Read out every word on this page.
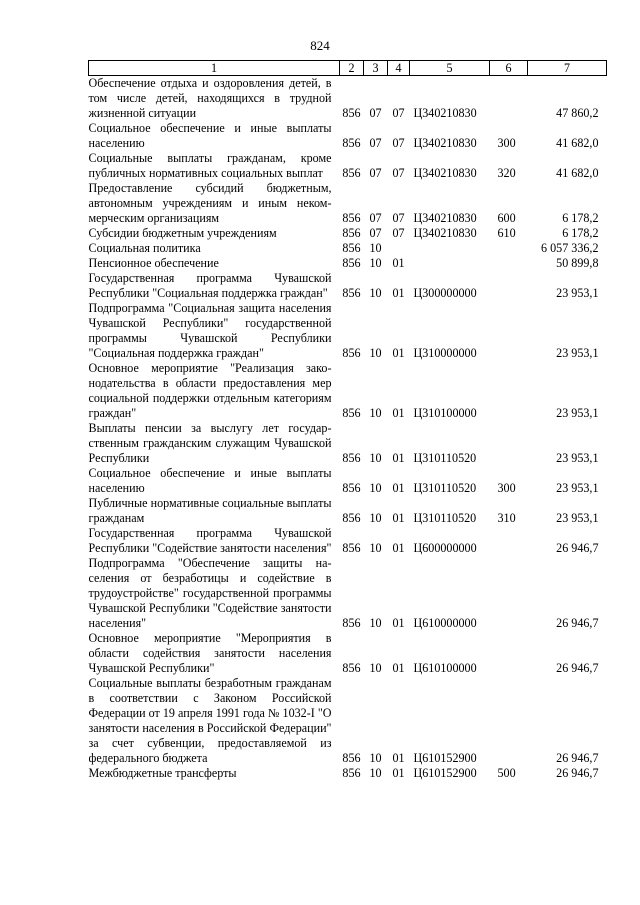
824
1	2	3	4	5	6	7
Обеспечение отдыха и оздоровления детей, в том числе детей, находящихся в трудной жизненной ситуации	856	07	07	Ц340210830		47 860,2
Социальное обеспечение и иные выплаты населению	856	07	07	Ц340210830	300	41 682,0
Социальные выплаты гражданам, кроме публичных нормативных социальных выплат	856	07	07	Ц340210830	320	41 682,0
Предоставление субсидий бюджетным, автономным учреждениям и иным некоммерческим организациям	856	07	07	Ц340210830	600	6 178,2
Субсидии бюджетным учреждениям	856	07	07	Ц340210830	610	6 178,2
Социальная политика	856	10				6 057 336,2
Пенсионное обеспечение	856	10	01			50 899,8
Государственная программа Чувашской Республики "Социальная поддержка граждан"	856	10	01	Ц300000000		23 953,1
Подпрограмма "Социальная защита населения Чувашской Республики" государственной программы Чувашской Республики "Социальная поддержка граждан"	856	10	01	Ц310000000		23 953,1
Основное мероприятие "Реализация законодательства в области предоставления мер социальной поддержки отдельным категориям граждан"	856	10	01	Ц310100000		23 953,1
Выплаты пенсии за выслугу лет государственным гражданским служащим Чувашской Республики	856	10	01	Ц310110520		23 953,1
Социальное обеспечение и иные выплаты населению	856	10	01	Ц310110520	300	23 953,1
Публичные нормативные социальные выплаты гражданам	856	10	01	Ц310110520	310	23 953,1
Государственная программа Чувашской Республики "Содействие занятости населения"	856	10	01	Ц600000000		26 946,7
Подпрограмма "Обеспечение защиты населения от безработицы и содействие в трудоустройстве" государственной программы Чувашской Республики "Содействие занятости населения"	856	10	01	Ц610000000		26 946,7
Основное мероприятие "Мероприятия в области содействия занятости населения Чувашской Республики"	856	10	01	Ц610100000		26 946,7
Социальные выплаты безработным гражданам в соответствии с Законом Российской Федерации от 19 апреля 1991 года № 1032-I "О занятости населения в Российской Федерации" за счет субвенции, предоставляемой из федерального бюджета	856	10	01	Ц610152900		26 946,7
Межбюджетные трансферты	856	10	01	Ц610152900	500	26 946,7
